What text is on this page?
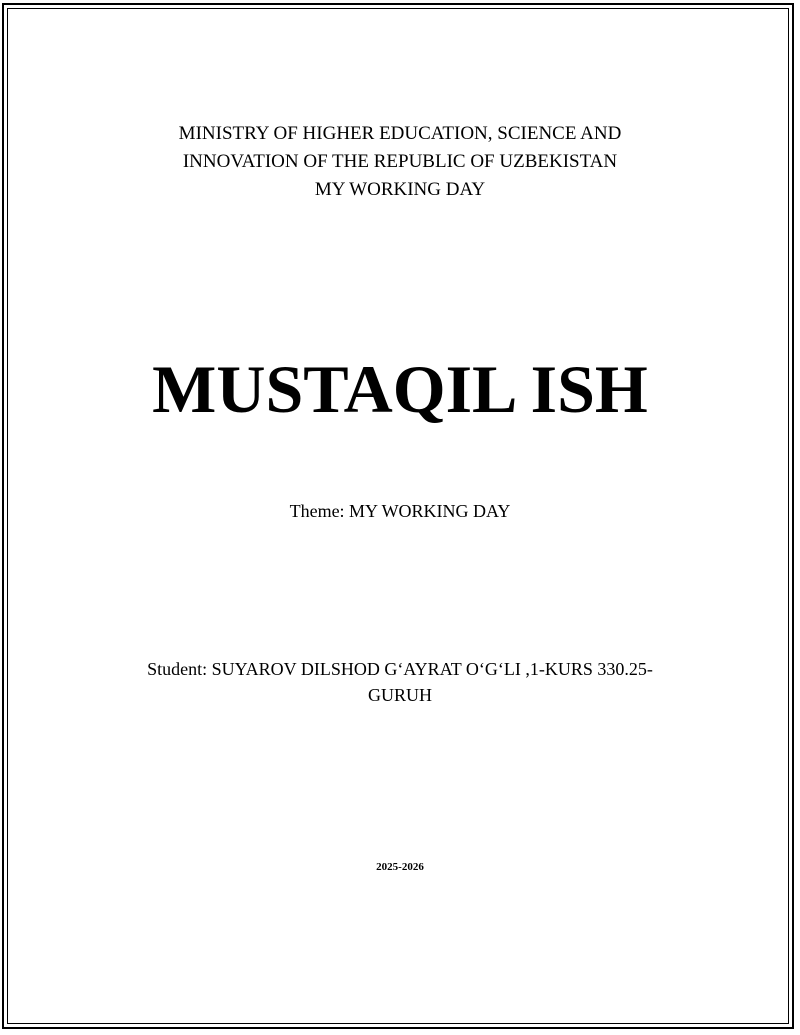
MINISTRY OF HIGHER EDUCATION, SCIENCE AND
INNOVATION OF THE REPUBLIC OF UZBEKISTAN
MY WORKING DAY
MUSTAQIL ISH
Theme: MY WORKING DAY
Student: SUYAROV DILSHOD G‘AYRAT O‘G‘LI ,1-KURS 330.25-
GURUH
2025-2026
